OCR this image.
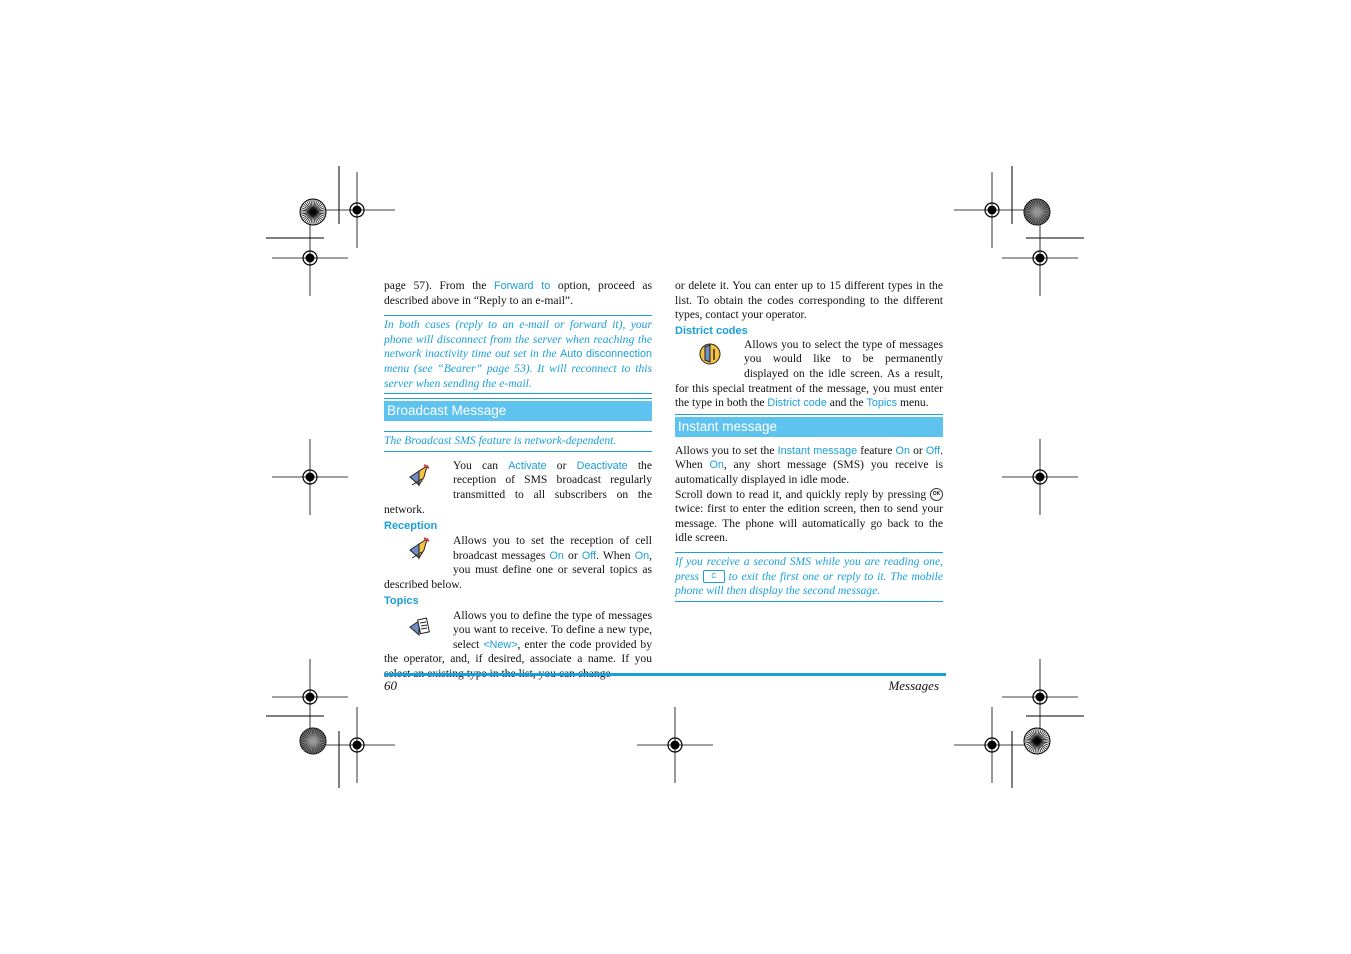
page 57). From the Forward to option, proceed as described above in “Reply to an e-mail”.

In both cases (reply to an e-mail or forward it), your phone will disconnect from the server when reaching the network inactivity time out set in the Auto disconnection menu (see “Bearer” page 53). It will reconnect to this server when sending the e-mail.
Broadcast Message
The Broadcast SMS feature is network-dependent.

You can Activate or Deactivate the reception of SMS broadcast regularly transmitted to all subscribers on the network.

Reception

Allows you to set the reception of cell broadcast messages On or Off. When On, you must define one or several topics as described below.

Topics

Allows you to define the type of messages you want to receive. To define a new type, select <New>, enter the code provided by the operator, and, if desired, associate a name. If you

or delete it. You can enter up to 15 different types in the list. To obtain the codes corresponding to the different types, contact your operator.

District codes

Allows you to select the type of messages you would like to be permanently displayed on the idle screen. As a result, for this special treatment of the message, you must enter the type in both the District code and the Topics menu.

Instant message

Allows you to set the Instant message feature On or Off. When On, any short message (SMS) you receive is automatically displayed in idle mode.

Scroll down to read it, and quickly reply by pressing OK twice: first to enter the edition screen, then to send your message. The phone will automatically go back to the idle screen.

If you receive a second SMS while you are reading one, press C to exit the first one or reply to it. The mobile phone will then display the second message.
60	Messages
